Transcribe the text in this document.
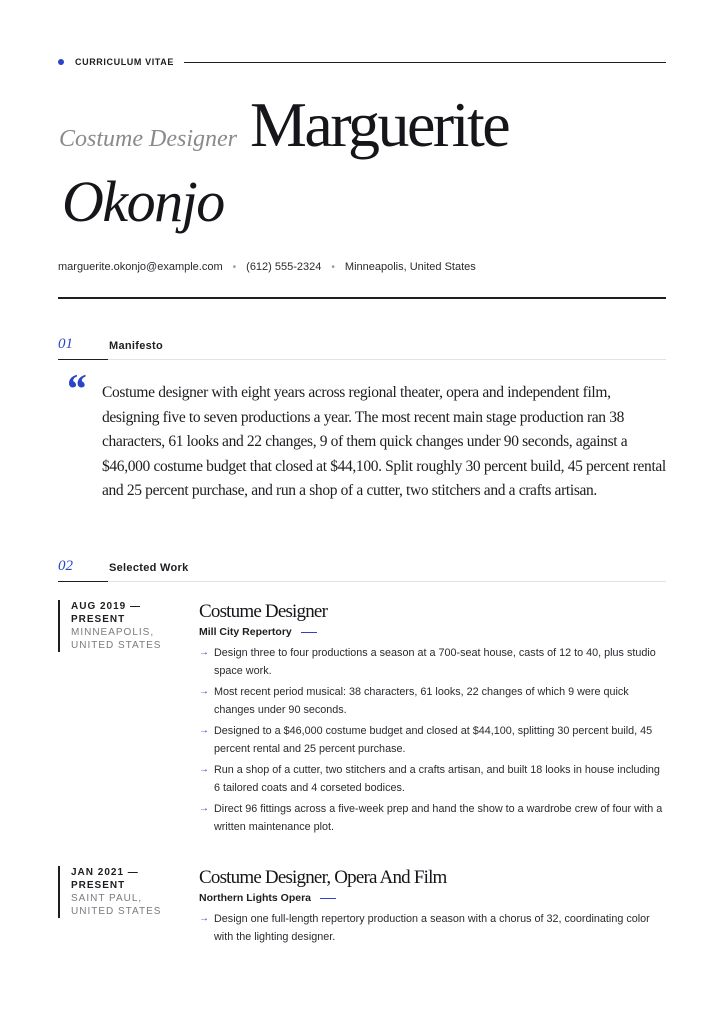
CURRICULUM VITAE
Costume Designer Marguerite
Okonjo
marguerite.okonjo@example.com • (612) 555-2324 • Minneapolis, United States
01	Manifesto
“ Costume designer with eight years across regional theater, opera and independent film, designing five to seven productions a year. The most recent main stage production ran 38 characters, 61 looks and 22 changes, 9 of them quick changes under 90 seconds, against a $46,000 costume budget that closed at $44,100. Split roughly 30 percent build, 45 percent rental and 25 percent purchase, and run a shop of a cutter, two stitchers and a crafts artisan.

02	Selected Work
AUG 2019 — PRESENT
MINNEAPOLIS, UNITED STATES
Costume Designer
Mill City Repertory
→ Design three to four productions a season at a 700-seat house, casts of 12 to 40, plus studio space work.
→ Most recent period musical: 38 characters, 61 looks, 22 changes of which 9 were quick changes under 90 seconds.
→ Designed to a $46,000 costume budget and closed at $44,100, splitting 30 percent build, 45 percent rental and 25 percent purchase.
→ Run a shop of a cutter, two stitchers and a crafts artisan, and built 18 looks in house including 6 tailored coats and 4 corseted bodices.
→ Direct 96 fittings across a five-week prep and hand the show to a wardrobe crew of four with a written maintenance plot.
JAN 2021 — PRESENT
SAINT PAUL, UNITED STATES
Costume Designer, Opera And Film
Northern Lights Opera
→ Design one full-length repertory production a season with a chorus of 32, coordinating color with the lighting designer.
